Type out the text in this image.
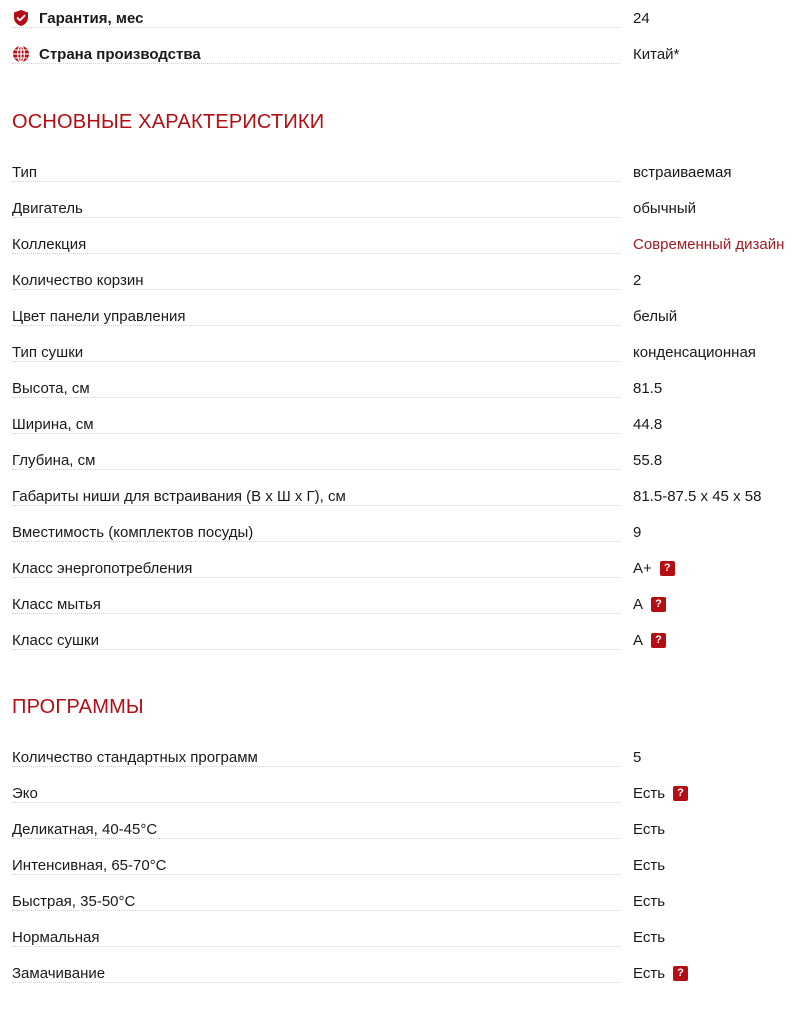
Гарантия, мес	24
Страна производства	Китай*
ОСНОВНЫЕ ХАРАКТЕРИСТИКИ
Тип	встраиваемая
Двигатель	обычный
Коллекция	Современный дизайн
Количество корзин	2
Цвет панели управления	белый
Тип сушки	конденсационная
Высота, см	81.5
Ширина, см	44.8
Глубина, см	55.8
Габариты ниши для встраивания (В х Ш х Г), см	81.5-87.5 х 45 х 58
Вместимость (комплектов посуды)	9
Класс энергопотребления	A+	?
Класс мытья	A	?
Класс сушки	A	?
ПРОГРАММЫ
Количество стандартных программ	5
Эко	Есть	?
Деликатная, 40-45°C	Есть
Интенсивная, 65-70°C	Есть
Быстрая, 35-50°C	Есть
Нормальная	Есть
Замачивание	Есть	?
